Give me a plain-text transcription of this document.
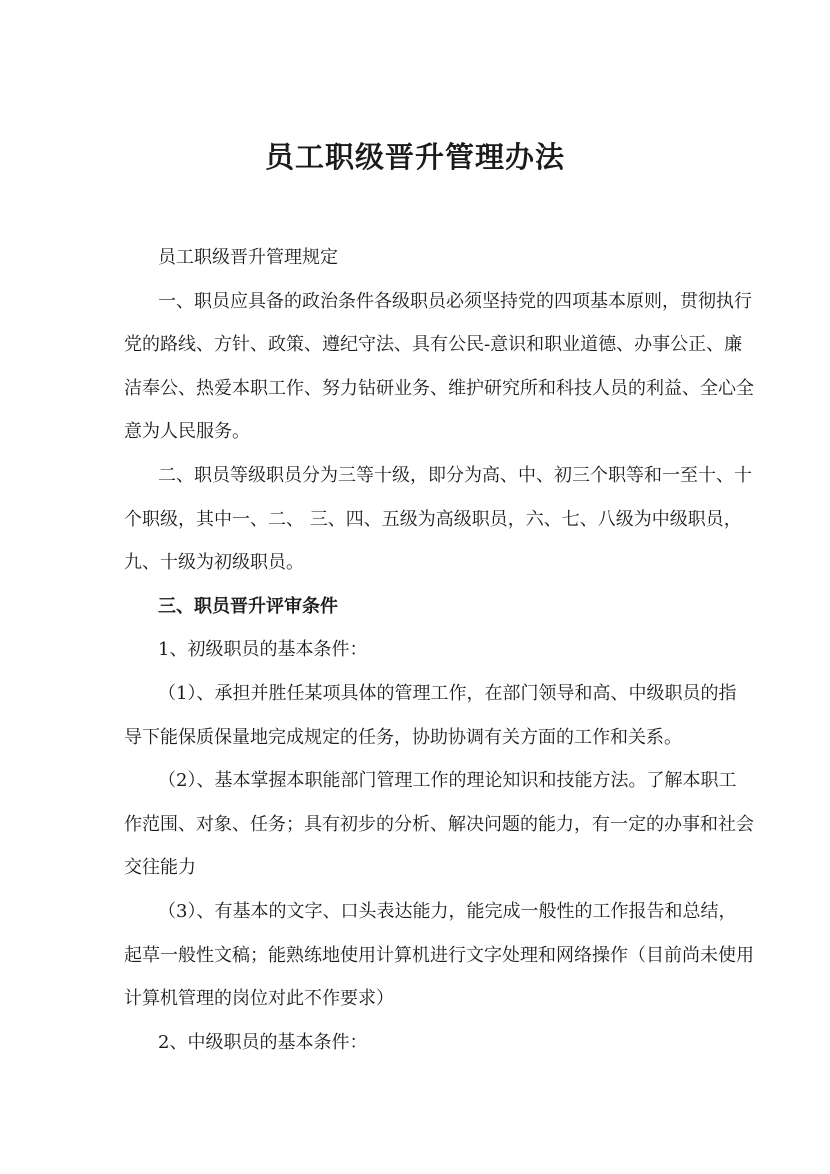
员工职级晋升管理办法
员工职级晋升管理规定
一、职员应具备的政治条件各级职员必须坚持党的四项基本原则，贯彻执行
党的路线、方针、政策、遵纪守法、具有公民-意识和职业道德、办事公正、廉
洁奉公、热爱本职工作、努力钻研业务、维护研究所和科技人员的利益、全心全
意为人民服务。
二、职员等级职员分为三等十级，即分为高、中、初三个职等和一至十、十
个职级，其中一、二、 三、四、五级为高级职员，六、七、八级为中级职员，
九、十级为初级职员。
三、职员晋升评审条件
1、初级职员的基本条件：
（1）、承担并胜任某项具体的管理工作，在部门领导和高、中级职员的指
导下能保质保量地完成规定的任务，协助协调有关方面的工作和关系。
（2）、基本掌握本职能部门管理工作的理论知识和技能方法。了解本职工
作范围、对象、任务；具有初步的分析、解决问题的能力，有一定的办事和社会
交往能力
（3）、有基本的文字、口头表达能力，能完成一般性的工作报告和总结，
起草一般性文稿；能熟练地使用计算机进行文字处理和网络操作（目前尚未使用
计算机管理的岗位对此不作要求）
2、中级职员的基本条件：
